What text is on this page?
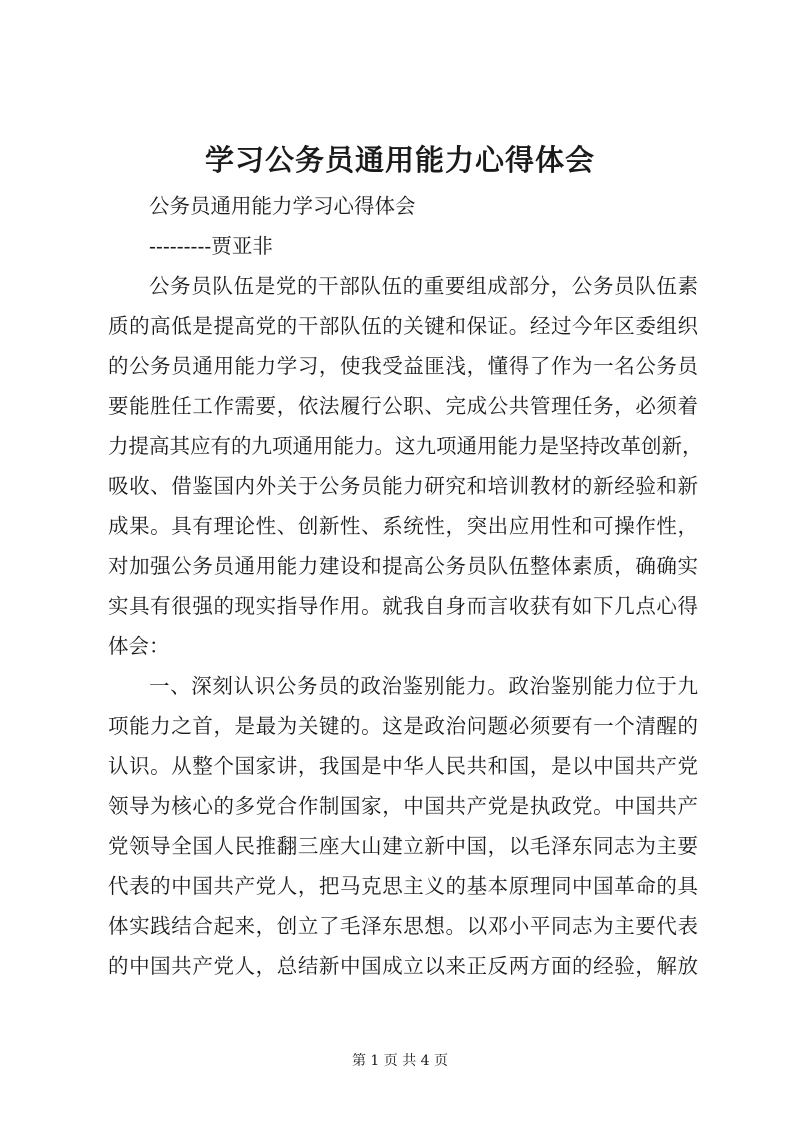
学习公务员通用能力心得体会
公务员通用能力学习心得体会
---------贾亚非
公务员队伍是党的干部队伍的重要组成部分，公务员队伍素
质的高低是提高党的干部队伍的关键和保证。经过今年区委组织
的公务员通用能力学习，使我受益匪浅，懂得了作为一名公务员
要能胜任工作需要，依法履行公职、完成公共管理任务，必须着
力提高其应有的九项通用能力。这九项通用能力是坚持改革创新，
吸收、借鉴国内外关于公务员能力研究和培训教材的新经验和新
成果。具有理论性、创新性、系统性，突出应用性和可操作性，
对加强公务员通用能力建设和提高公务员队伍整体素质，确确实
实具有很强的现实指导作用。就我自身而言收获有如下几点心得
体会：
一、深刻认识公务员的政治鉴别能力。政治鉴别能力位于九
项能力之首，是最为关键的。这是政治问题必须要有一个清醒的
认识。从整个国家讲，我国是中华人民共和国，是以中国共产党
领导为核心的多党合作制国家，中国共产党是执政党。中国共产
党领导全国人民推翻三座大山建立新中国，以毛泽东同志为主要
代表的中国共产党人，把马克思主义的基本原理同中国革命的具
体实践结合起来，创立了毛泽东思想。以邓小平同志为主要代表
的中国共产党人，总结新中国成立以来正反两方面的经验，解放
第 1 页 共 4 页
